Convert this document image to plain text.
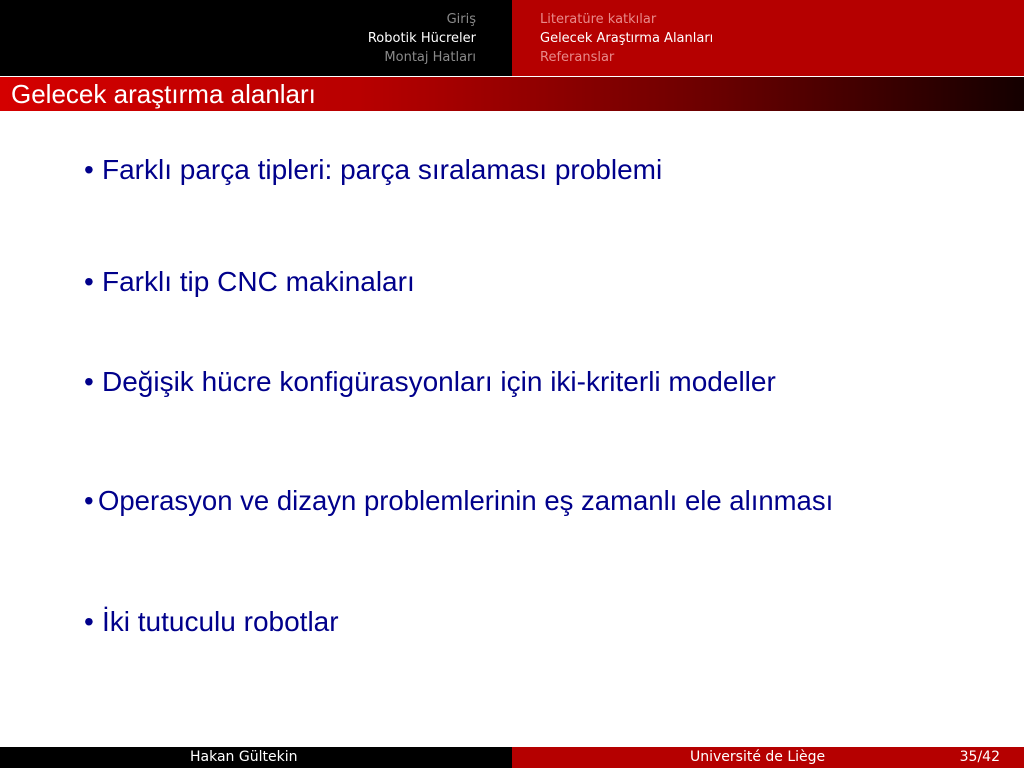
Giriş
Robotik Hücreler
Montaj Hatları
Literatüre katkılar
Gelecek Araştırma Alanları
Referanslar
Gelecek araştırma alanları
• Farklı parça tipleri: parça sıralaması problemi
• Farklı tip CNC makinaları
• Değişik hücre konfigürasyonları için iki-kriterli modeller
• Operasyon ve dizayn problemlerinin eş zamanlı ele alınması
• İki tutuculu robotlar
Hakan Gültekin	Université de Liège	35/42
